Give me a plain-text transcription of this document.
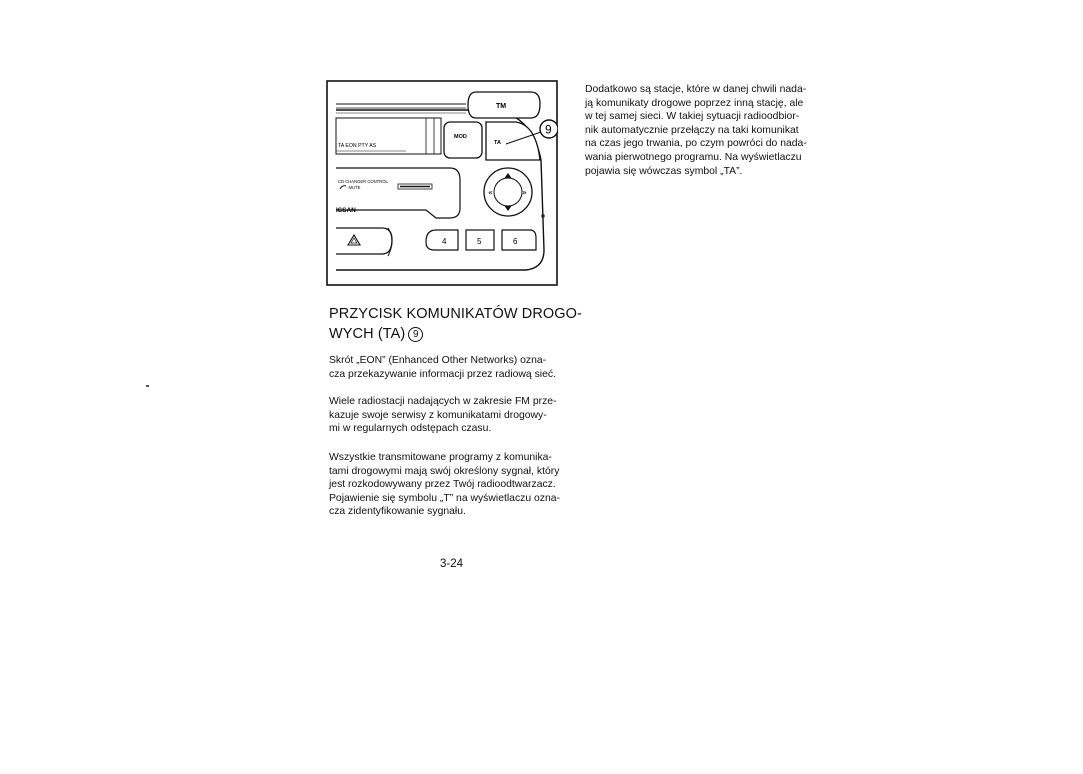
TM
TA EON PTY AS
MOD
TA
9
CD CHANGER CONTROL
· MUTE
ISSAN
«	»
4	5	6
PRZYCISK KOMUNIKATÓW DROGO-
WYCH (TA) 9

Skrót „EON” (Enhanced Other Networks) ozna-
cza przekazywanie informacji przez radiową sieć.

Wiele radiostacji nadających w zakresie FM prze-
kazuje swoje serwisy z komunikatami drogowy-
mi w regularnych odstępach czasu.

Wszystkie transmitowane programy z komunika-
tami drogowymi mają swój określony sygnał, który
jest rozkodowywany przez Twój radioodtwarzacz.
Pojawienie się symbolu „T” na wyświetlaczu ozna-
cza zidentyfikowanie sygnału.

Dodatkowo są stacje, które w danej chwili nada-
ją komunikaty drogowe poprzez inną stację, ale
w tej samej sieci. W takiej sytuacji radioodbior-
nik automatycznie przełączy na taki komunikat
na czas jego trwania, po czym powróci do nada-
wania pierwotnego programu. Na wyświetlaczu
pojawia się wówczas symbol „TA”.

3-24
